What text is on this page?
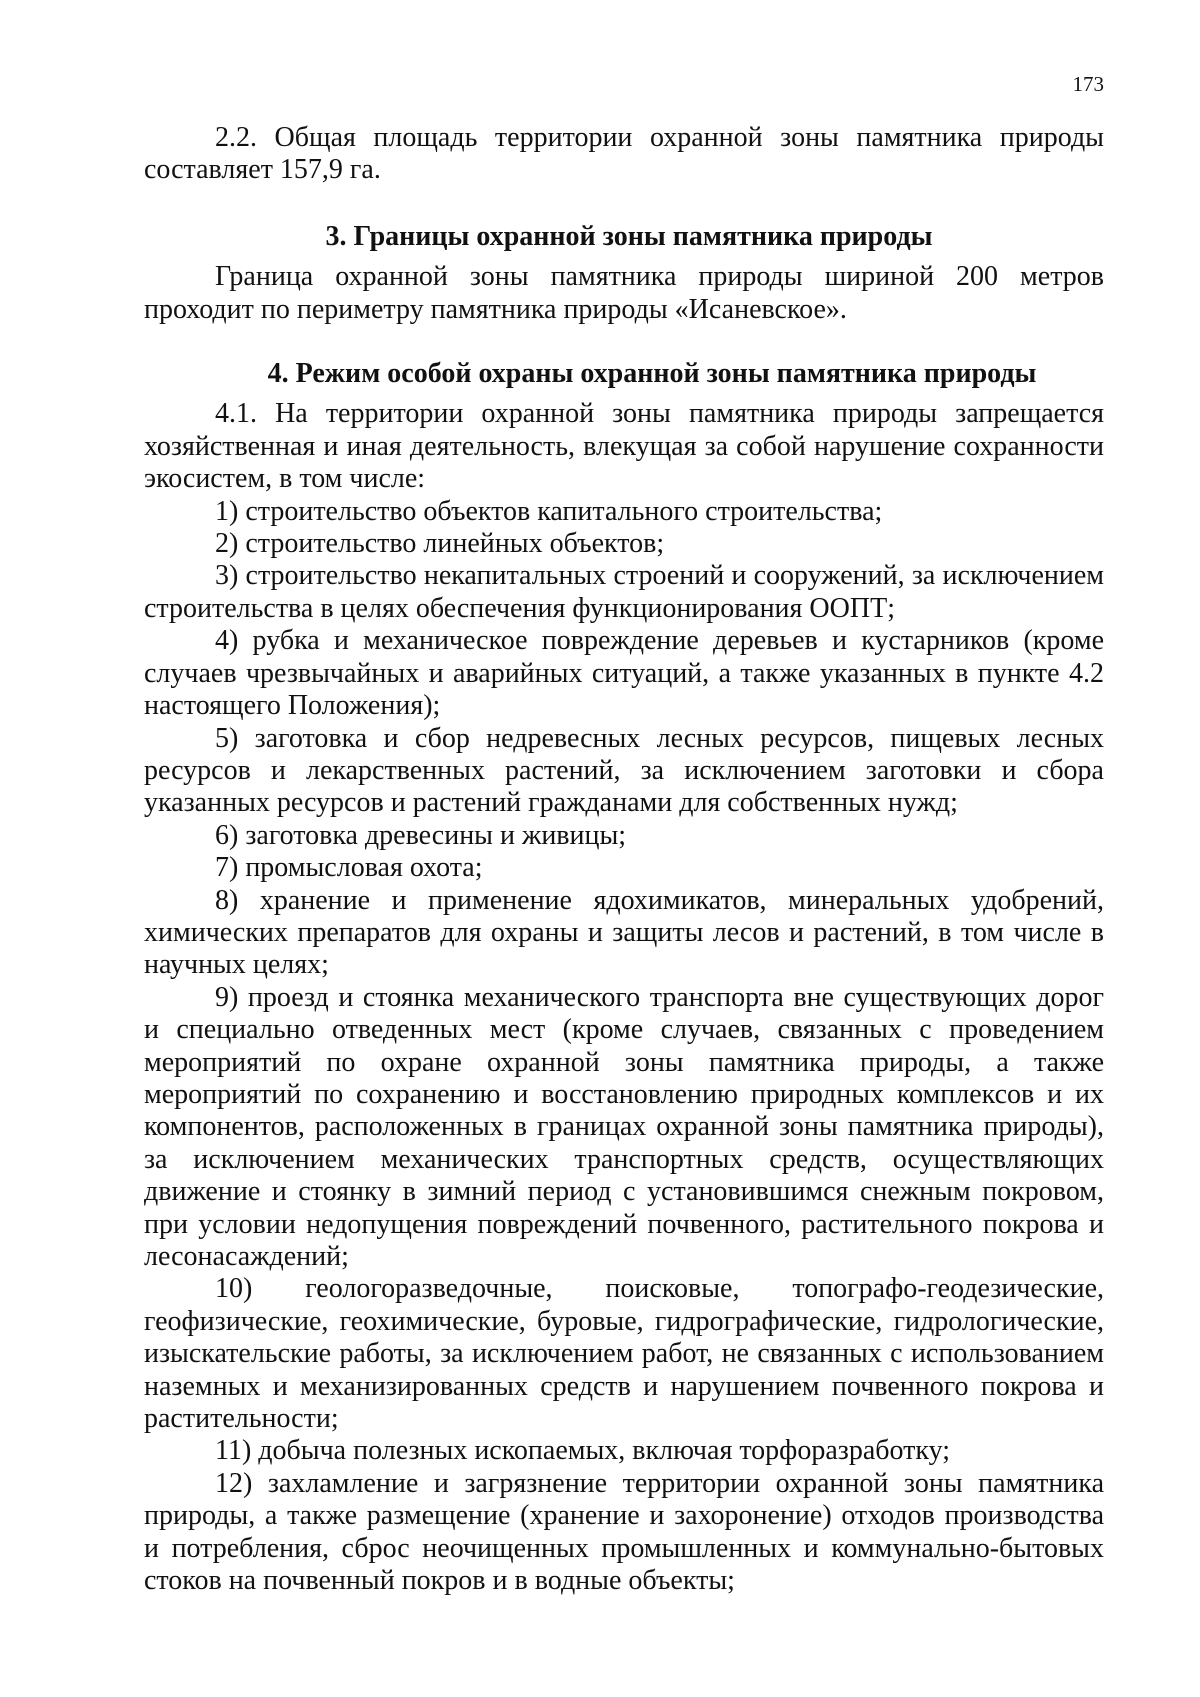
173

2.2. Общая площадь территории охранной зоны памятника природы составляет 157,9 га.

3. Границы охранной зоны памятника природы

Граница охранной зоны памятника природы шириной 200 метров проходит по периметру памятника природы «Исаневское».

4. Режим особой охраны охранной зоны памятника природы

4.1. На территории охранной зоны памятника природы запрещается хозяйственная и иная деятельность, влекущая за собой нарушение сохранности экосистем, в том числе:

1) строительство объектов капитального строительства;

2) строительство линейных объектов;

3) строительство некапитальных строений и сооружений, за исключением строительства в целях обеспечения функционирования ООПТ;

4) рубка и механическое повреждение деревьев и кустарников (кроме случаев чрезвычайных и аварийных ситуаций, а также указанных в пункте 4.2 настоящего Положения);

5) заготовка и сбор недревесных лесных ресурсов, пищевых лесных ресурсов и лекарственных растений, за исключением заготовки и сбора указанных ресурсов и растений гражданами для собственных нужд;

6) заготовка древесины и живицы;

7) промысловая охота;

8) хранение и применение ядохимикатов, минеральных удобрений, химических препаратов для охраны и защиты лесов и растений, в том числе в научных целях;

9) проезд и стоянка механического транспорта вне существующих дорог и специально отведенных мест (кроме случаев, связанных с проведением мероприятий по охране охранной зоны памятника природы, а также мероприятий по сохранению и восстановлению природных комплексов и их компонентов, расположенных в границах охранной зоны памятника природы), за исключением механических транспортных средств, осуществляющих движение и стоянку в зимний период с установившимся снежным покровом, при условии недопущения повреждений почвенного, растительного покрова и лесонасаждений;

10) геологоразведочные, поисковые, топографо-геодезические, геофизические, геохимические, буровые, гидрографические, гидрологические, изыскательские работы, за исключением работ, не связанных с использованием наземных и механизированных средств и нарушением почвенного покрова и растительности;

11) добыча полезных ископаемых, включая торфоразработку;

12) захламление и загрязнение территории охранной зоны памятника природы, а также размещение (хранение и захоронение) отходов производства и потребления, сброс неочищенных промышленных и коммунально-бытовых стоков на почвенный покров и в водные объекты;
